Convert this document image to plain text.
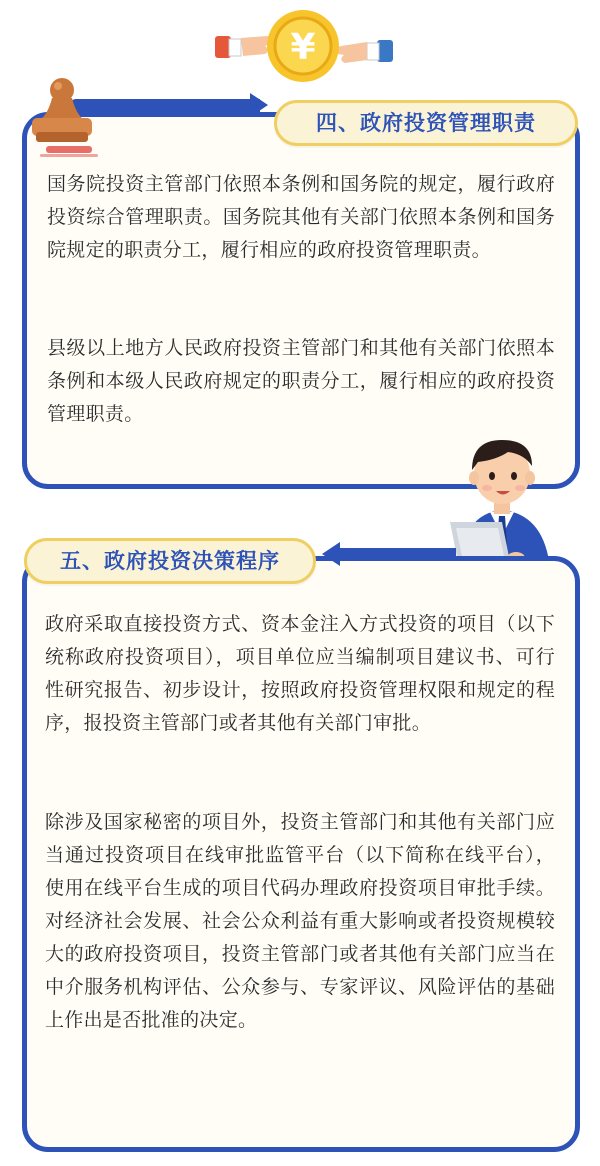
¥

国务院投资主管部门依照本条例和国务院的规定，履行政府投资综合管理职责。国务院其他有关部门依照本条例和国务院规定的职责分工，履行相应的政府投资管理职责。

县级以上地方人民政府投资主管部门和其他有关部门依照本条例和本级人民政府规定的职责分工，履行相应的政府投资管理职责。

四、政府投资管理职责

政府采取直接投资方式、资本金注入方式投资的项目（以下统称政府投资项目），项目单位应当编制项目建议书、可行性研究报告、初步设计，按照政府投资管理权限和规定的程序，报投资主管部门或者其他有关部门审批。

除涉及国家秘密的项目外，投资主管部门和其他有关部门应当通过投资项目在线审批监管平台（以下简称在线平台），使用在线平台生成的项目代码办理政府投资项目审批手续。对经济社会发展、社会公众利益有重大影响或者投资规模较大的政府投资项目，投资主管部门或者其他有关部门应当在中介服务机构评估、公众参与、专家评议、风险评估的基础上作出是否批准的决定。

五、政府投资决策程序
